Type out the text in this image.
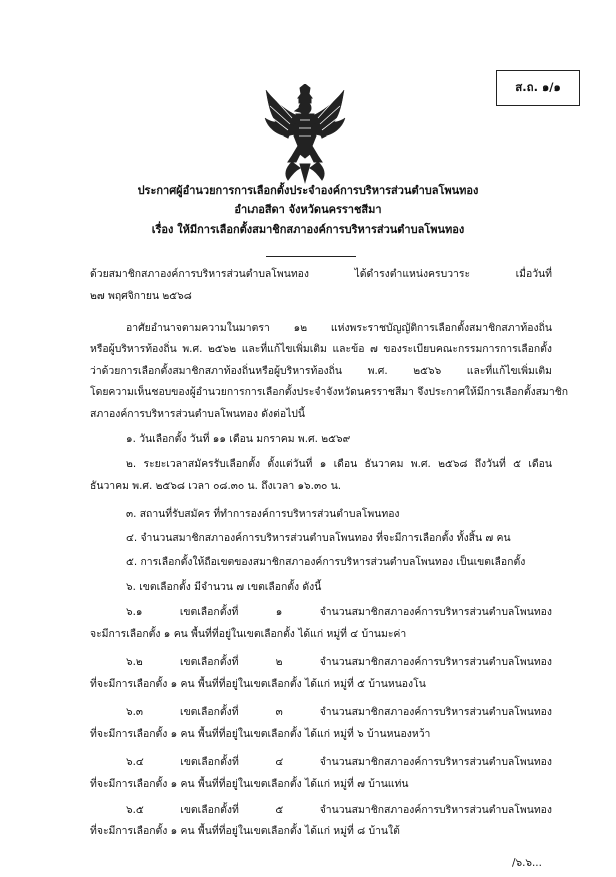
ส.ถ. ๑/๑
ประกาศผู้อำนวยการการเลือกตั้งประจำองค์การบริหารส่วนตำบลโพนทอง
อำเภอสีดา จังหวัดนครราชสีมา
เรื่อง ให้มีการเลือกตั้งสมาชิกสภาองค์การบริหารส่วนตำบลโพนทอง
ด้วยสมาชิกสภาองค์การบริหารส่วนตำบลโพนทอง ได้ดำรงตำแหน่งครบวาระ เมื่อวันที่
๒๗ พฤศจิกายน ๒๕๖๘
อาศัยอำนาจตามความในมาตรา ๑๒ แห่งพระราชบัญญัติการเลือกตั้งสมาชิกสภาท้องถิ่น
หรือผู้บริหารท้องถิ่น พ.ศ. ๒๕๖๒ และที่แก้ไขเพิ่มเติม และข้อ ๗ ของระเบียบคณะกรรมการการเลือกตั้ง
ว่าด้วยการเลือกตั้งสมาชิกสภาท้องถิ่นหรือผู้บริหารท้องถิ่น พ.ศ. ๒๕๖๖ และที่แก้ไขเพิ่มเติม
โดยความเห็นชอบของผู้อำนวยการการเลือกตั้งประจำจังหวัดนครราชสีมา จึงประกาศให้มีการเลือกตั้งสมาชิก
สภาองค์การบริหารส่วนตำบลโพนทอง ดังต่อไปนี้
๑. วันเลือกตั้ง วันที่ ๑๑ เดือน มกราคม พ.ศ. ๒๕๖๙
๒. ระยะเวลาสมัครรับเลือกตั้ง ตั้งแต่วันที่ ๑ เดือน ธันวาคม พ.ศ. ๒๕๖๘ ถึงวันที่ ๕ เดือน
ธันวาคม พ.ศ. ๒๕๖๘ เวลา ๐๘.๓๐ น. ถึงเวลา ๑๖.๓๐ น.
๓. สถานที่รับสมัคร ที่ทำการองค์การบริหารส่วนตำบลโพนทอง
๔. จำนวนสมาชิกสภาองค์การบริหารส่วนตำบลโพนทอง ที่จะมีการเลือกตั้ง ทั้งสิ้น ๗ คน
๕. การเลือกตั้งให้ถือเขตของสมาชิกสภาองค์การบริหารส่วนตำบลโพนทอง เป็นเขตเลือกตั้ง
๖. เขตเลือกตั้ง มีจำนวน ๗ เขตเลือกตั้ง ดังนี้
๖.๑ เขตเลือกตั้งที่ ๑ จำนวนสมาชิกสภาองค์การบริหารส่วนตำบลโพนทอง
จะมีการเลือกตั้ง ๑ คน พื้นที่ที่อยู่ในเขตเลือกตั้ง ได้แก่ หมู่ที่ ๔ บ้านมะค่า
๖.๒ เขตเลือกตั้งที่ ๒ จำนวนสมาชิกสภาองค์การบริหารส่วนตำบลโพนทอง
ที่จะมีการเลือกตั้ง ๑ คน พื้นที่ที่อยู่ในเขตเลือกตั้ง ได้แก่ หมู่ที่ ๕ บ้านหนองโน
๖.๓ เขตเลือกตั้งที่ ๓ จำนวนสมาชิกสภาองค์การบริหารส่วนตำบลโพนทอง
ที่จะมีการเลือกตั้ง ๑ คน พื้นที่ที่อยู่ในเขตเลือกตั้ง ได้แก่ หมู่ที่ ๖ บ้านหนองหว้า
๖.๔ เขตเลือกตั้งที่ ๔ จำนวนสมาชิกสภาองค์การบริหารส่วนตำบลโพนทอง
ที่จะมีการเลือกตั้ง ๑ คน พื้นที่ที่อยู่ในเขตเลือกตั้ง ได้แก่ หมู่ที่ ๗ บ้านแท่น
๖.๕ เขตเลือกตั้งที่ ๕ จำนวนสมาชิกสภาองค์การบริหารส่วนตำบลโพนทอง
ที่จะมีการเลือกตั้ง ๑ คน พื้นที่ที่อยู่ในเขตเลือกตั้ง ได้แก่ หมู่ที่ ๘ บ้านใต้
/๖.๖...
